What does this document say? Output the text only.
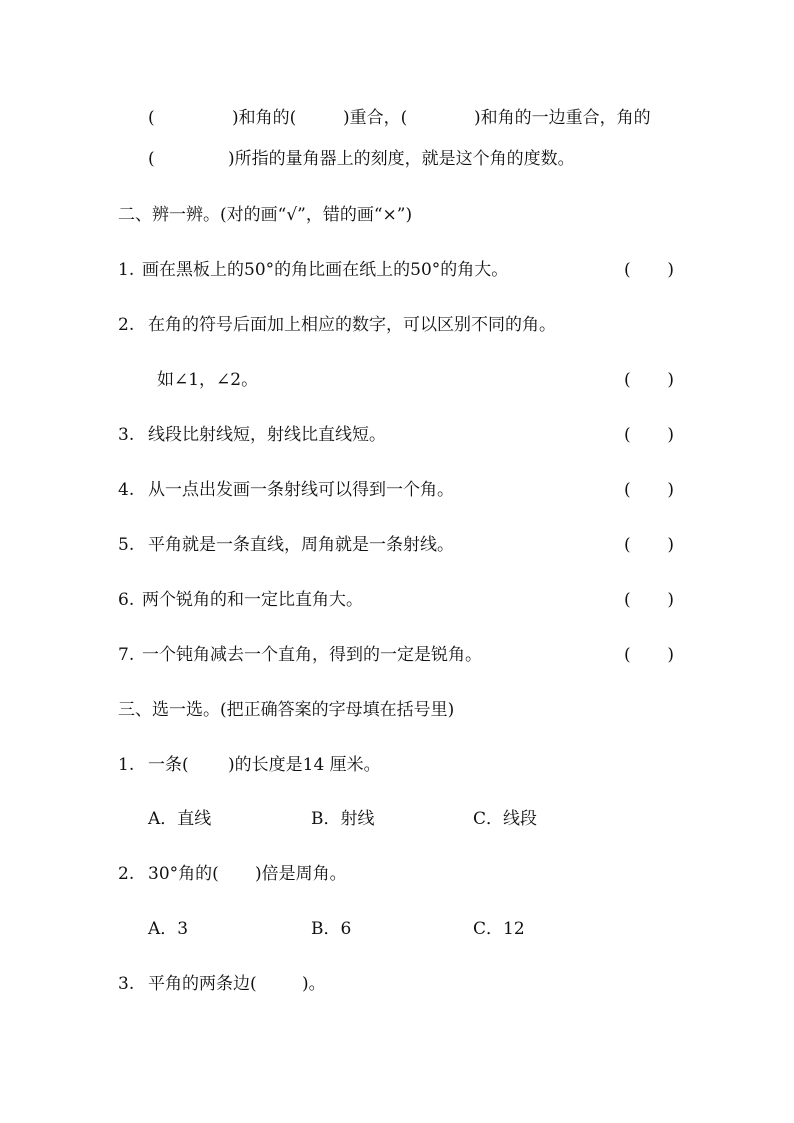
(	)和角的(	)重合，(	)和角的一边重合，角的
(	)所指的量角器上的刻度，就是这个角的度数。
二、辨一辨。(对的画“√”，错的画“×”)
1. 画在黑板上的50°的角比画在纸上的50°的角大。	( )
2. 在角的符号后面加上相应的数字，可以区别不同的角。
如∠1，∠2。	( )
3. 线段比射线短，射线比直线短。	( )
4. 从一点出发画一条射线可以得到一个角。	( )
5. 平角就是一条直线，周角就是一条射线。	( )
6. 两个锐角的和一定比直角大。	( )
7. 一个钝角减去一个直角，得到的一定是锐角。	( )
三、选一选。(把正确答案的字母填在括号里)
1. 一条( )的长度是14 厘米。
A．直线	B．射线	C．线段
2. 30°角的( )倍是周角。
A．3	B．6	C．12
3. 平角的两条边(	)。
